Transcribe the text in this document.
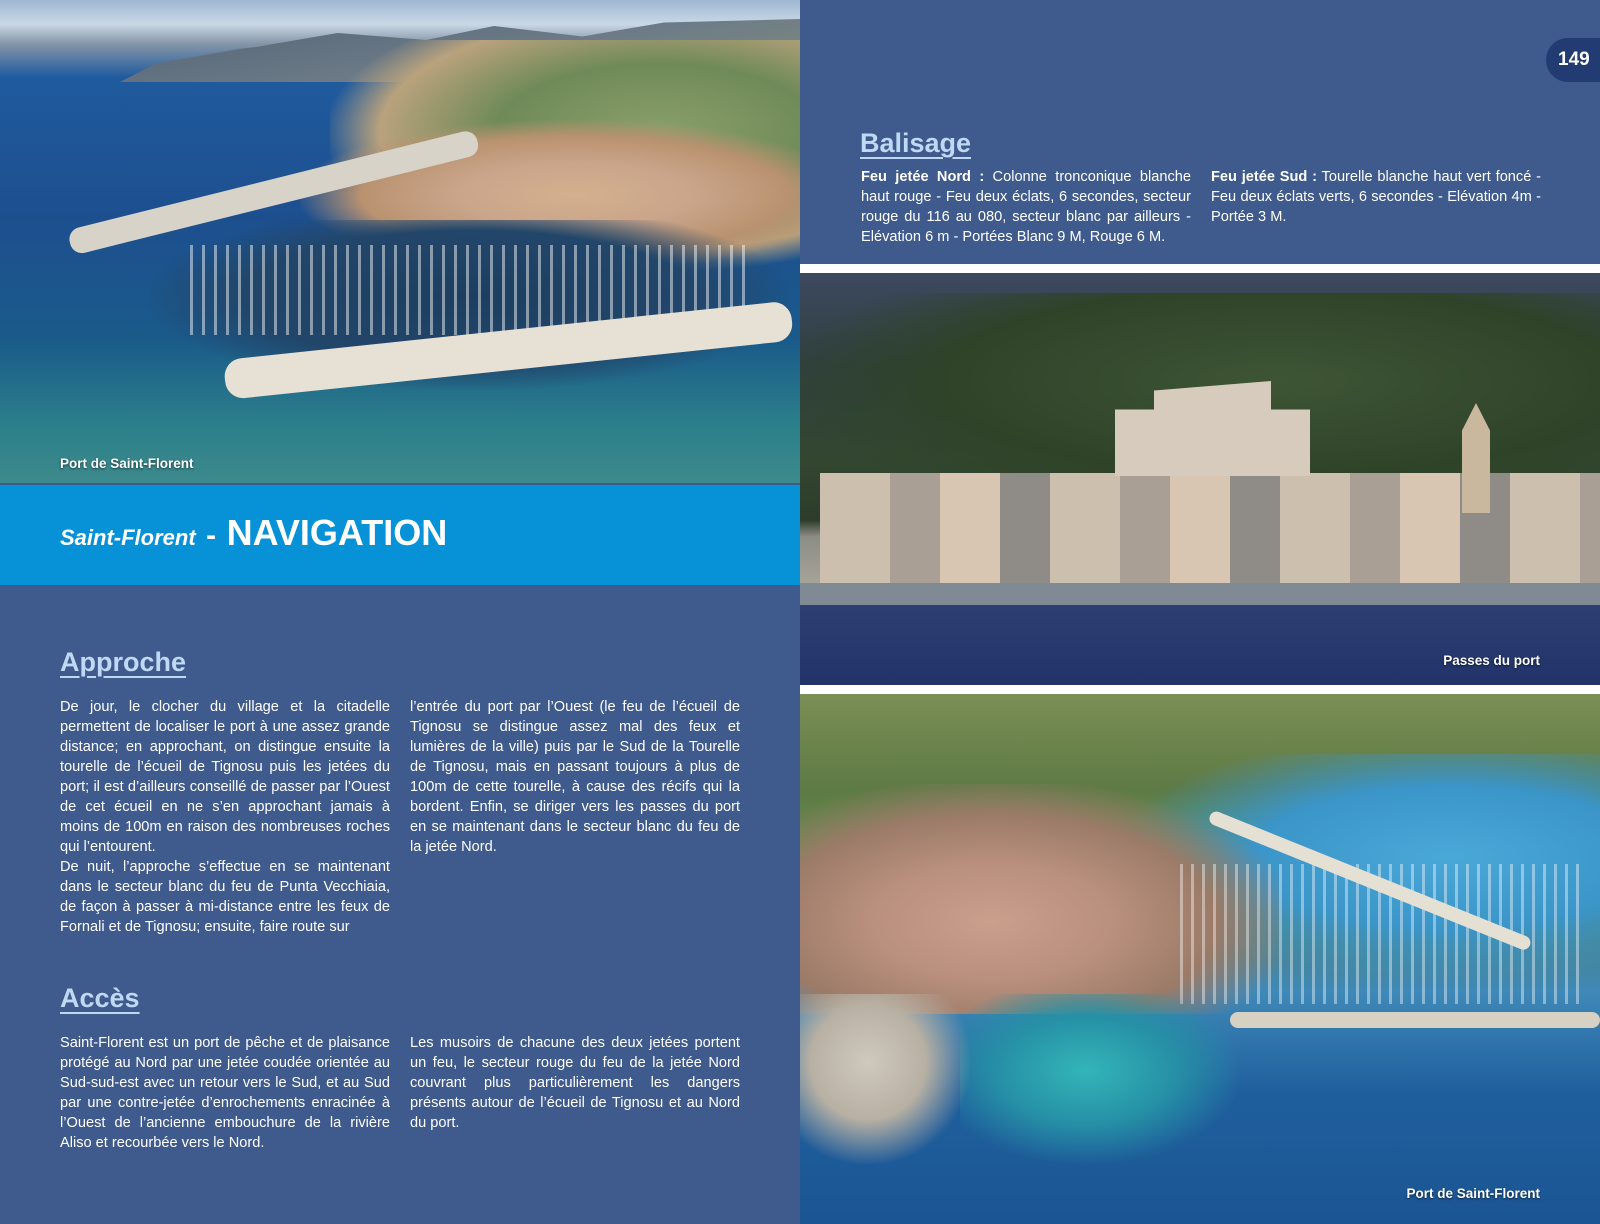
Port de Saint-Florent
Saint-Florent - NAVIGATION
149
Balisage

Feu jetée Nord : Colonne tronconique blanche haut rouge - Feu deux éclats, 6 secondes, secteur rouge du 116 au 080, secteur blanc par ailleurs - Elévation 6 m - Portées Blanc 9 M, Rouge 6 M.

Feu jetée Sud : Tourelle blanche haut vert foncé - Feu deux éclats verts, 6 secondes - Elévation 4m - Portée 3 M.

Passes du port
Port de Saint-Florent
Approche

De jour, le clocher du village et la citadelle permettent de localiser le port à une assez grande distance; en approchant, on distingue ensuite la tourelle de l’écueil de Tignosu puis les jetées du port; il est d’ailleurs conseillé de passer par l’Ouest de cet écueil en ne s’en approchant jamais à moins de 100m en raison des nombreuses roches qui l’entourent.

De nuit, l’approche s’effectue en se maintenant dans le secteur blanc du feu de Punta Vecchiaia, de façon à passer à mi-distance entre les feux de Fornali et de Tignosu; ensuite, faire route sur

l’entrée du port par l’Ouest (le feu de l’écueil de Tignosu se distingue assez mal des feux et lumières de la ville) puis par le Sud de la Tourelle de Tignosu, mais en passant toujours à plus de 100m de cette tourelle, à cause des récifs qui la bordent. Enfin, se diriger vers les passes du port en se maintenant dans le secteur blanc du feu de la jetée Nord.

Accès

Saint-Florent est un port de pêche et de plaisance protégé au Nord par une jetée coudée orientée au Sud-sud-est avec un retour vers le Sud, et au Sud par une contre-jetée d’enrochements enracinée à l’Ouest de l’ancienne embouchure de la rivière Aliso et recourbée vers le Nord.

Les musoirs de chacune des deux jetées portent un feu, le secteur rouge du feu de la jetée Nord couvrant plus particulièrement les dangers présents autour de l’écueil de Tignosu et au Nord du port.
